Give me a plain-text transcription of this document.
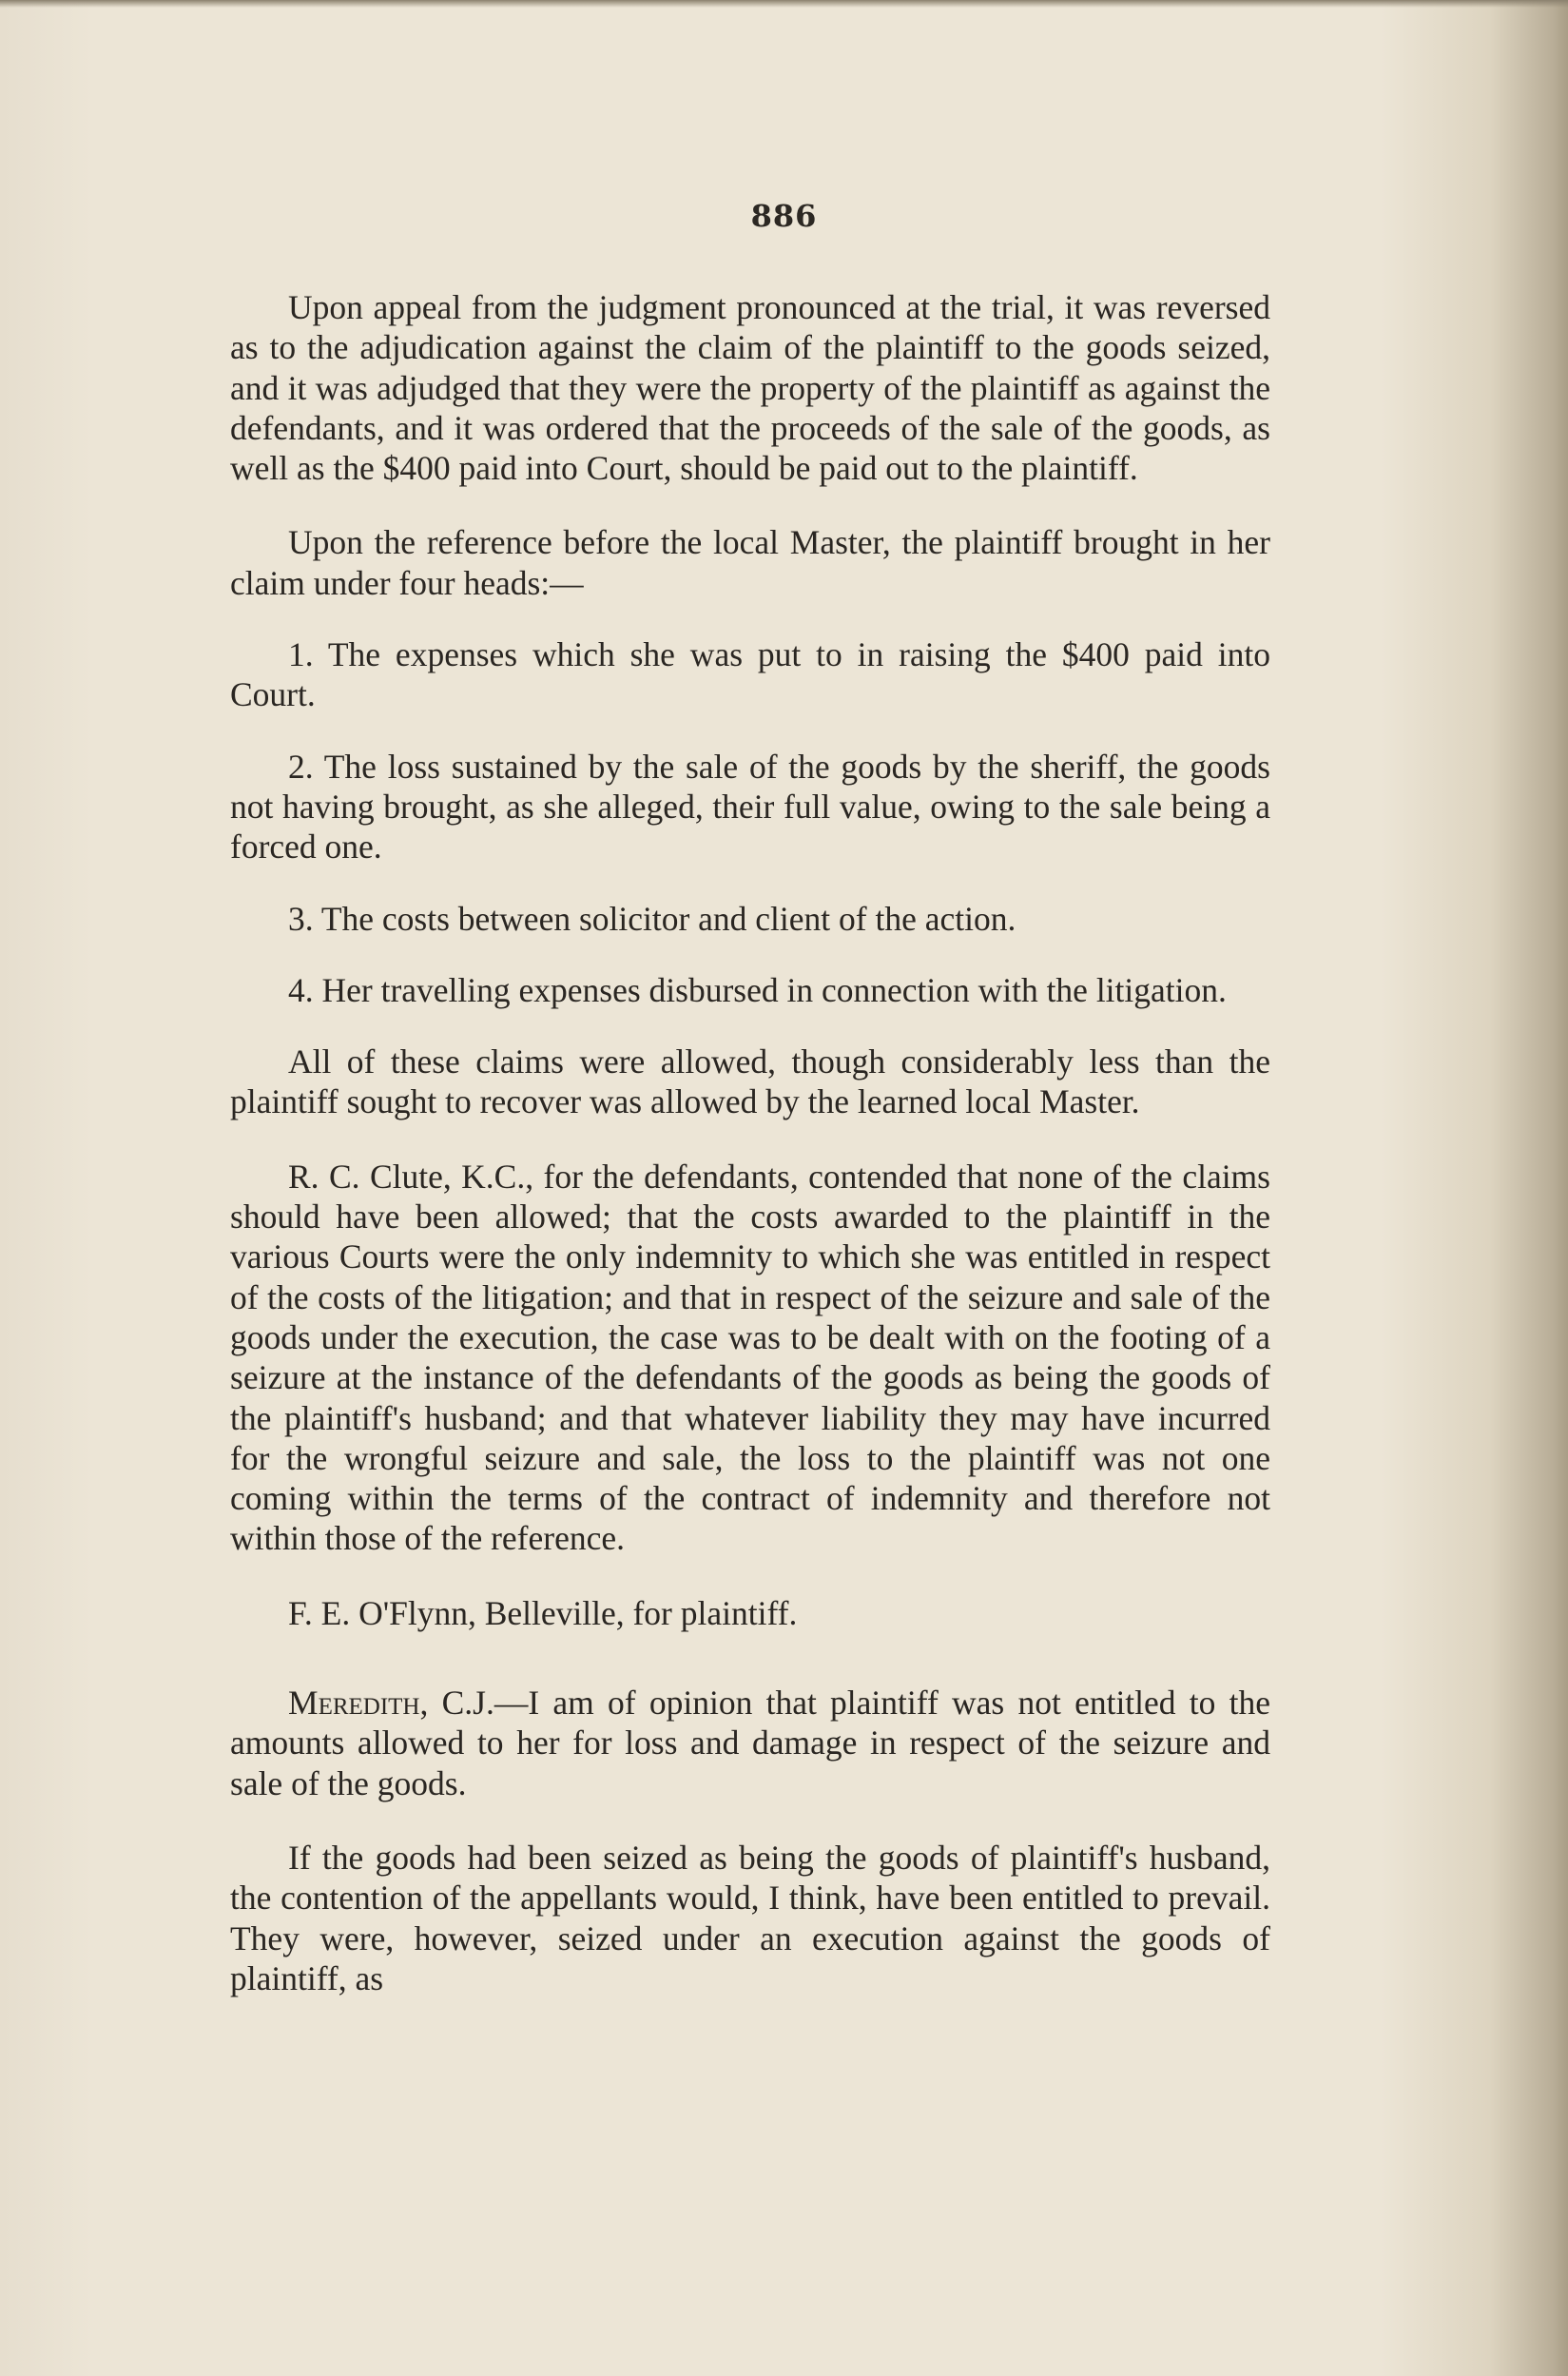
886

Upon appeal from the judgment pronounced at the trial, it was reversed as to the adjudication against the claim of the plaintiff to the goods seized, and it was adjudged that they were the property of the plaintiff as against the defendants, and it was ordered that the proceeds of the sale of the goods, as well as the $400 paid into Court, should be paid out to the plaintiff.

Upon the reference before the local Master, the plaintiff brought in her claim under four heads:—

1. The expenses which she was put to in raising the $400 paid into Court.

2. The loss sustained by the sale of the goods by the sheriff, the goods not having brought, as she alleged, their full value, owing to the sale being a forced one.

3. The costs between solicitor and client of the action.

4. Her travelling expenses disbursed in connection with the litigation.

All of these claims were allowed, though considerably less than the plaintiff sought to recover was allowed by the learned local Master.

R. C. Clute, K.C., for the defendants, contended that none of the claims should have been allowed; that the costs awarded to the plaintiff in the various Courts were the only indemnity to which she was entitled in respect of the costs of the litigation; and that in respect of the seizure and sale of the goods under the execution, the case was to be dealt with on the footing of a seizure at the instance of the defendants of the goods as being the goods of the plaintiff's husband; and that whatever liability they may have incurred for the wrongful seizure and sale, the loss to the plaintiff was not one coming within the terms of the contract of indemnity and therefore not within those of the reference.

F. E. O'Flynn, Belleville, for plaintiff.

Meredith, C.J.—I am of opinion that plaintiff was not entitled to the amounts allowed to her for loss and damage in respect of the seizure and sale of the goods.

If the goods had been seized as being the goods of plaintiff's husband, the contention of the appellants would, I think, have been entitled to prevail. They were, however, seized under an execution against the goods of plaintiff, as
